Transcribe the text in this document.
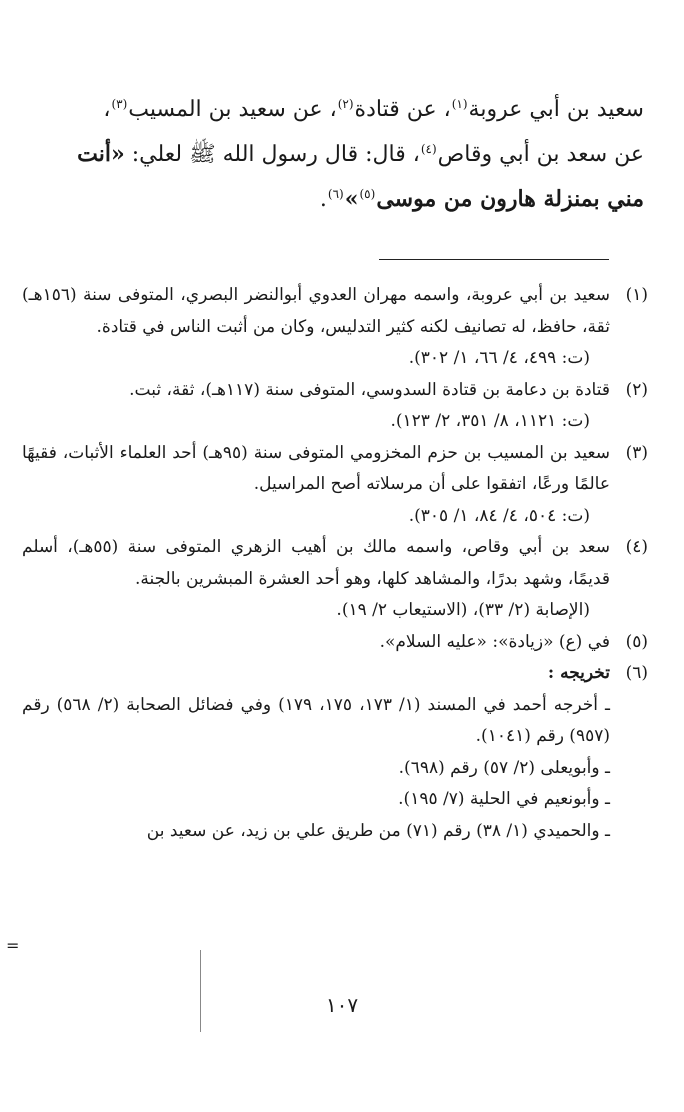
سعيد بن أبي عروبة$^{(١)}$، عن قتادة$^{(٢)}$، عن سعيد بن المسيب$^{(٣)}$،

عن سعد بن أبي وقاص$^{(٤)}$، قال: قال رسول الله ﷺ لعلي: «أنت

مني بمنزلة هارون من موسى$^{(٥)}$»$^{(٦)}$.

(١)

سعيد بن أبي عروبة، واسمه مهران العدوي أبوالنضر البصري، المتوفى سنة (١٥٦هـ) ثقة، حافظ، له تصانيف لكنه كثير التدليس، وكان من أثبت الناس في قتادة.

(ت: ٤٩٩، ٤/ ٦٦، ١/ ٣٠٢).

(٢)

قتادة بن دعامة بن قتادة السدوسي، المتوفى سنة (١١٧هـ)، ثقة، ثبت.

(ت: ١١٢١، ٨/ ٣٥١، ٢/ ١٢٣).

(٣)

سعيد بن المسيب بن حزم المخزومي المتوفى سنة (٩٥هـ) أحد العلماء الأثبات، فقيهًا عالمًا ورعًا، اتفقوا على أن مرسلاته أصح المراسيل.

(ت: ٥٠٤، ٤/ ٨٤، ١/ ٣٠٥).

(٤)

سعد بن أبي وقاص، واسمه مالك بن أهيب الزهري المتوفى سنة (٥٥هـ)، أسلم قديمًا، وشهد بدرًا، والمشاهد كلها، وهو أحد العشرة المبشرين بالجنة.

(الإصابة (٢/ ٣٣)، (الاستيعاب ٢/ ١٩).

(٥)

في (ع) «زيادة»: «عليه السلام».

(٦)

تخريجه :

ـ أخرجه أحمد في المسند (١/ ١٧٣، ١٧٥، ١٧٩) وفي فضائل الصحابة (٢/ ٥٦٨) رقم (٩٥٧) رقم (١٠٤١).

ـ وأبويعلى (٢/ ٥٧) رقم (٦٩٨).

ـ وأبونعيم في الحلية (٧/ ١٩٥).

ـ والحميدي (١/ ٣٨) رقم (٧١) من طريق علي بن زيد، عن سعيد بن

=
١٠٧
